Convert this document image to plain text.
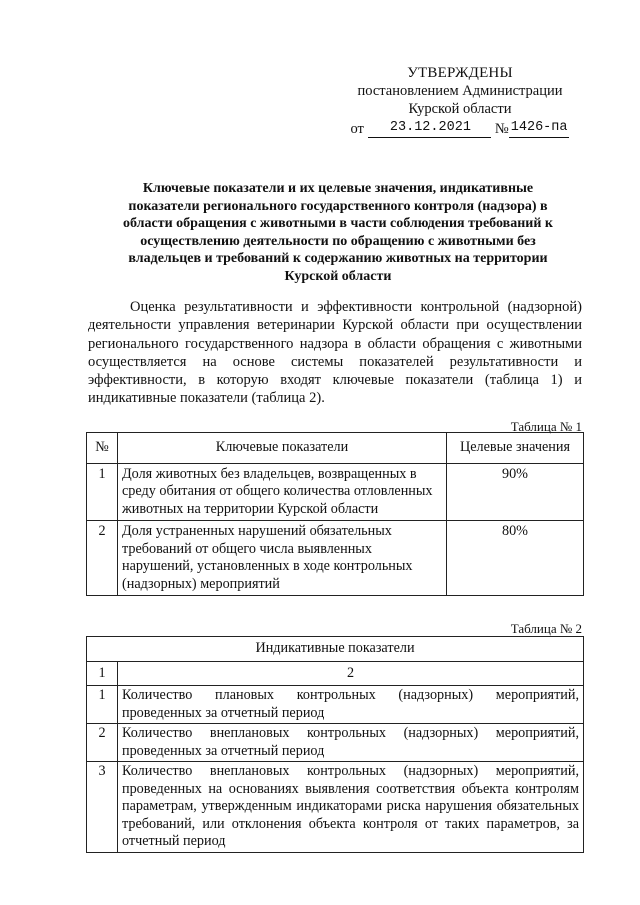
УТВЕРЖДЕНЫ
постановлением Администрации
Курской области
от	23.12.2021	№ 1426-па
Ключевые показатели и их целевые значения, индикативные показатели регионального государственного контроля (надзора) в области обращения с животными в части соблюдения требований к осуществлению деятельности по обращению с животными без владельцев и требований к содержанию животных на территории Курской области
Оценка результативности и эффективности контрольной (надзорной) деятельности управления ветеринарии Курской области при осуществлении регионального государственного надзора в области обращения с животными осуществляется на основе системы показателей результативности и эффективности, в которую входят ключевые показатели (таблица 1) и индикативные показатели (таблица 2).
Таблица № 1
№	Ключевые показатели	Целевые значения
1	Доля животных без владельцев, возвращенных в среду обитания от общего количества отловленных животных на территории Курской области	90%
2	Доля устраненных нарушений обязательных требований от общего числа выявленных нарушений, установленных в ходе контрольных (надзорных) мероприятий	80%
Таблица № 2
Индикативные показатели	
1	2
1	Количество плановых контрольных (надзорных) мероприятий, проведенных за отчетный период
2	Количество внеплановых контрольных (надзорных) мероприятий, проведенных за отчетный период
3	Количество внеплановых контрольных (надзорных) мероприятий, проведенных на основаниях выявления соответствия объекта контролям параметрам, утвержденным индикаторами риска нарушения обязательных требований, или отклонения объекта контроля от таких параметров, за отчетный период
